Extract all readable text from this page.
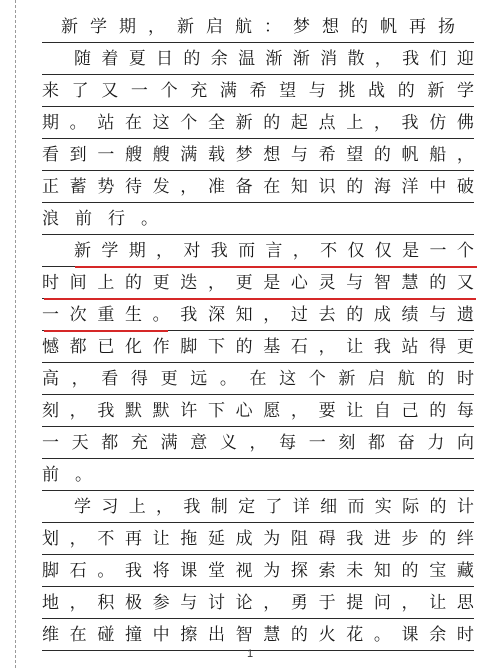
新 学 期 ， 新 启 航 ： 梦 想 的 帆 再 扬
随 着 夏 日 的 余 温 渐 渐 消 散 ， 我 们 迎
来 了 又 一 个 充 满 希 望 与 挑 战 的 新 学
期 。 站 在 这 个 全 新 的 起 点 上 ， 我 仿 佛
看 到 一 艘 艘 满 载 梦 想 与 希 望 的 帆 船 ，
正 蓄 势 待 发 ， 准 备 在 知 识 的 海 洋 中 破
浪 前 行 。
新 学 期 ， 对 我 而 言 ， 不 仅 仅 是 一 个
时 间 上 的 更 迭 ， 更 是 心 灵 与 智 慧 的 又
一 次 重 生 。 我 深 知 ， 过 去 的 成 绩 与 遗
憾 都 已 化 作 脚 下 的 基 石 ， 让 我 站 得 更
高 ， 看 得 更 远 。 在 这 个 新 启 航 的 时
刻 ， 我 默 默 许 下 心 愿 ， 要 让 自 己 的 每
一 天 都 充 满 意 义 ， 每 一 刻 都 奋 力 向
前 。
学 习 上 ， 我 制 定 了 详 细 而 实 际 的 计
划 ， 不 再 让 拖 延 成 为 阻 碍 我 进 步 的 绊
脚 石 。 我 将 课 堂 视 为 探 索 未 知 的 宝 藏
地 ， 积 极 参 与 讨 论 ， 勇 于 提 问 ， 让 思
维 在 碰 撞 中 擦 出 智 慧 的 火 花 。 课 余 时
1
